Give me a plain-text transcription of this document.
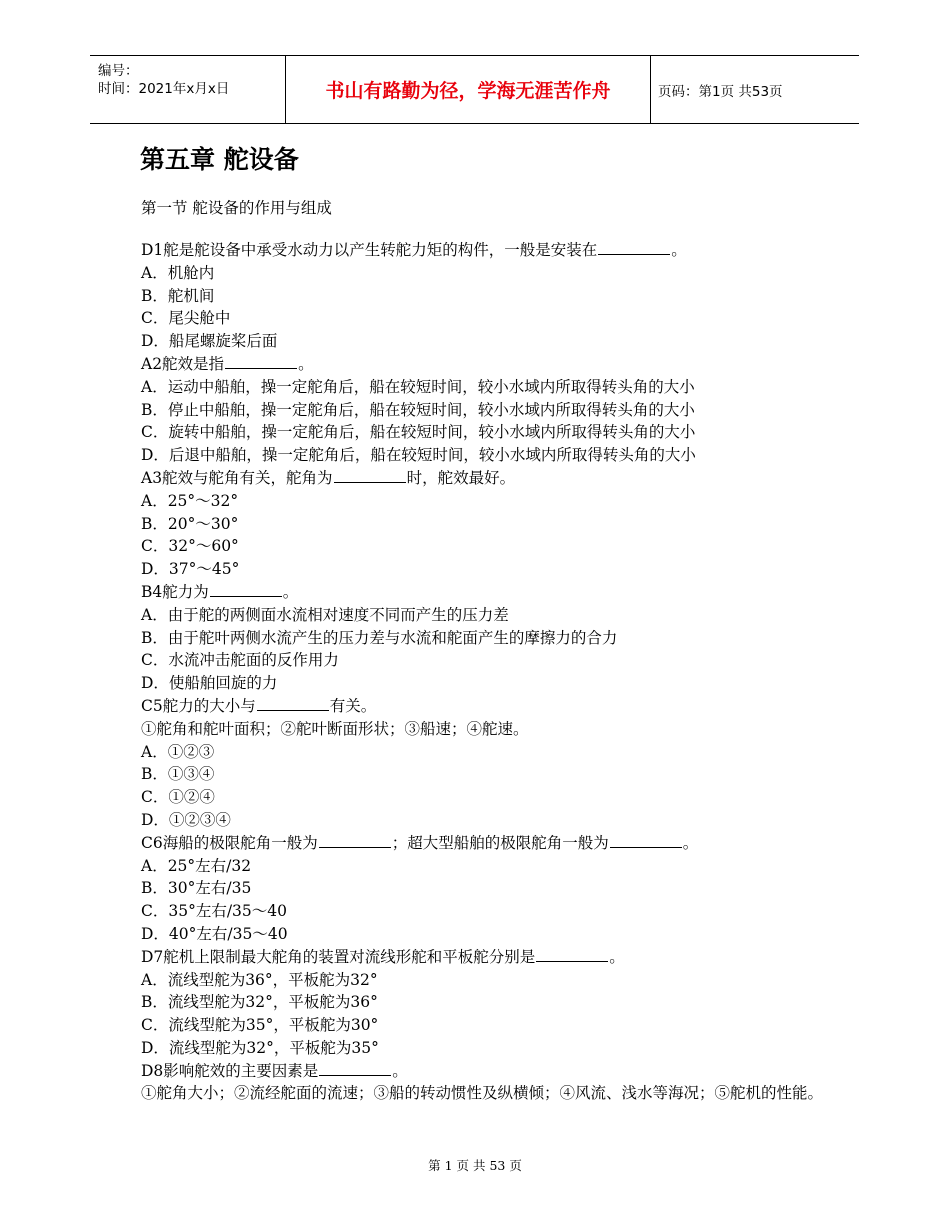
编号：
时间：2021年x月x日	书山有路勤为径，学海无涯苦作舟	页码：第1页 共53页
第五章 舵设备
第一节 舵设备的作用与组成
D1舵是舵设备中承受水动力以产生转舵力矩的构件，一般是安装在	。
A．机舱内
B．舵机间
C．尾尖舱中
D．船尾螺旋桨后面
A2舵效是指	。
A．运动中船舶，操一定舵角后，船在较短时间，较小水域内所取得转头角的大小
B．停止中船舶，操一定舵角后，船在较短时间，较小水域内所取得转头角的大小
C．旋转中船舶，操一定舵角后，船在较短时间，较小水域内所取得转头角的大小
D．后退中船舶，操一定舵角后，船在较短时间，较小水域内所取得转头角的大小
A3舵效与舵角有关，舵角为	时，舵效最好。
A．25°～32°
B．20°～30°
C．32°～60°
D．37°～45°
B4舵力为	。
A．由于舵的两侧面水流相对速度不同而产生的压力差
B．由于舵叶两侧水流产生的压力差与水流和舵面产生的摩擦力的合力
C．水流冲击舵面的反作用力
D．使船舶回旋的力
C5舵力的大小与	有关。
①舵角和舵叶面积；②舵叶断面形状；③船速；④舵速。
A．①②③
B．①③④
C．①②④
D．①②③④
C6海船的极限舵角一般为	；超大型船舶的极限舵角一般为	。
A．25°左右/32
B．30°左右/35
C．35°左右/35～40
D．40°左右/35～40
D7舵机上限制最大舵角的装置对流线形舵和平板舵分别是	。
A．流线型舵为36°，平板舵为32°
B．流线型舵为32°，平板舵为36°
C．流线型舵为35°，平板舵为30°
D．流线型舵为32°，平板舵为35°
D8影响舵效的主要因素是	。
①舵角大小；②流经舵面的流速；③船的转动惯性及纵横倾；④风流、浅水等海况；⑤舵机的性能。
第 1 页 共 53 页
